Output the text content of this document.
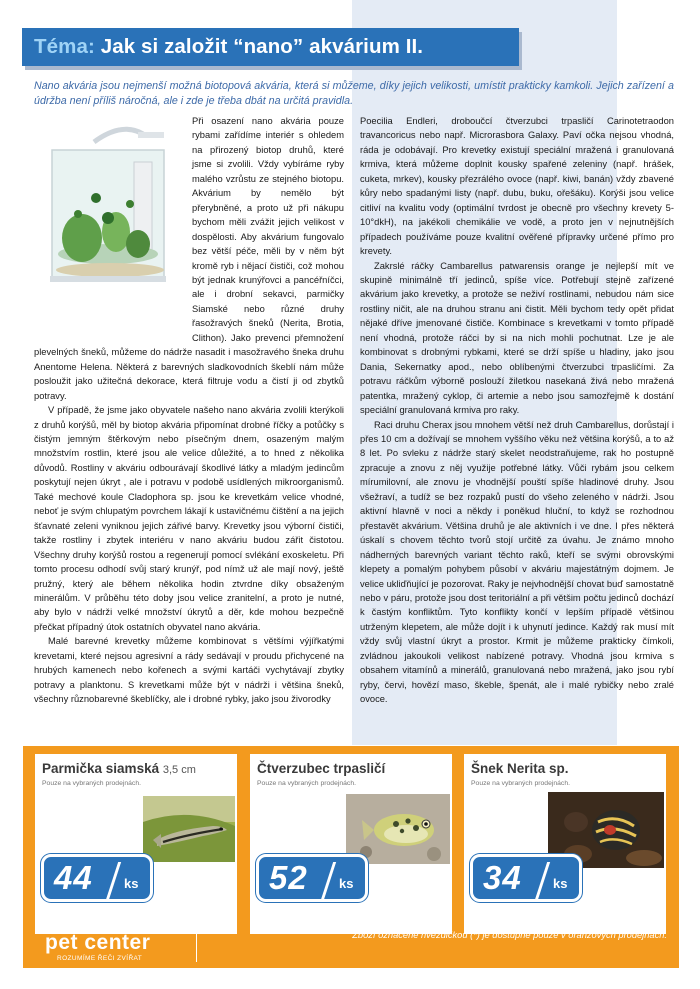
Téma: Jak si založit “nano” akvárium II.

Nano akvária jsou nejmenší možná biotopová akvária, která si můžeme, díky jejich velikosti, umístit prakticky kamkoli. Jejich zařízení a údržba není příliš náročná, ale i zde je třeba dbát na určitá pravidla.

Při osazení nano akvária pouze rybami zařídíme interiér s ohledem na přirozený biotop druhů, které jsme si zvolili. Vždy vybíráme ryby malého vzrůstu ze stejného biotopu. Akvárium by nemělo být přerybněné, a proto už při nákupu bychom měli zvážit jejich velikost v dospělosti. Aby akvárium fungovalo bez větší péče, měli by v něm být kromě ryb i nějací čističi, což mohou být jednak krunýřovci a pancéřníčci, ale i drobní sekavci, parmičky Siamské nebo různé druhy řasožravých šneků (Nerita, Brotia, Clithon). Jako prevenci přemnožení plevelných šneků, můžeme do nádrže nasadit i masožravého šneka druhu Anentome Helena. Některá z barevných sladkovodních škeblí nám může posloužit jako užitečná dekorace, která filtruje vodu a čistí ji od zbytků potravy.

V případě, že jsme jako obyvatele našeho nano akvária zvolili kterýkoli z druhů korýšů, měl by biotop akvária připomínat drobné říčky a potůčky s čistým jemným štěrkovým nebo písečným dnem, osazeným malým množstvím rostlin, které jsou ale velice důležité, a to hned z několika důvodů. Rostliny v akváriu odbourávají škodlivé látky a mladým jedincům poskytují nejen úkryt , ale i potravu v podobě usídlených mikroorganismů. Také mechové koule Cladophora sp. jsou ke krevetkám velice vhodné, neboť je svým chlupatým povrchem lákají k ustavičnému čištění a na jejich šťavnaté zeleni vyniknou jejich zářivé barvy. Krevetky jsou výborní čističi, takže rostliny i zbytek interiéru v nano akváriu budou zářit čistotou. Všechny druhy korýšů rostou a regenerují pomocí svlékání exoskeletu. Při tomto procesu odhodí svůj starý krunýř, pod nímž už ale mají nový, ještě pružný, který ale během několika hodin ztvrdne díky obsaženým minerálům. V průběhu této doby jsou velice zranitelní, a proto je nutné, aby bylo v nádrži velké množství úkrytů a děr, kde mohou bezpečně přečkat případný útok ostatních obyvatel nano akvária.

Malé barevné krevetky můžeme kombinovat s většími výjířkatými krevetami, které nejsou agresivní a rády sedávají v proudu přichycené na hrubých kamenech nebo kořenech a svými kartáči vychytávají zbytky potravy a planktonu. S krevetkami může být v nádrži i většina šneků, všechny různobarevné škeblíčky, ale i drobné rybky, jako jsou živorodky

Poecilia Endleri, droboučcí čtverzubci trpasličí Carinotetraodon travancoricus nebo např. Microrasbora Galaxy. Paví očka nejsou vhodná, ráda je odobávají. Pro krevetky existují speciální mražená i granulovaná krmiva, která můžeme doplnit kousky spařené zeleniny (např. hrášek, cuketa, mrkev), kousky přezrálého ovoce (např. kiwi, banán) vždy zbavené kůry nebo spadanými listy (např. dubu, buku, ořešáku). Korýši jsou velice citliví na kvalitu vody (optimální tvrdost je obecně pro všechny krevety 5-10°dkH), na jakékoli chemikálie ve vodě, a proto jen v nejnutnějších případech používáme pouze kvalitní ověřené přípravky určené přímo pro krevety.

Zakrslé ráčky Cambarellus patwarensis orange je nejlepší mít ve skupině minimálně tří jedinců, spíše více. Potřebují stejně zařízené akvárium jako krevetky, a protože se neživí rostlinami, nebudou nám sice rostliny ničit, ale na druhou stranu ani čistit. Měli bychom tedy opět přidat nějaké dříve jmenované čističe. Kombinace s krevetkami v tomto případě není vhodná, protože ráčci by si na nich mohli pochutnat. Lze je ale kombinovat s drobnými rybkami, které se drží spíše u hladiny, jako jsou Dania, Sekernatky apod., nebo oblíbenými čtverzubci trpasličími. Za potravu ráčkům výborně poslouží žiletkou nasekaná živá nebo mražená patentka, mražený cyklop, či artemie a nebo jsou samozřejmě k dostání speciální granulovaná krmiva pro raky.

Raci druhu Cherax jsou mnohem větší než druh Cambarellus, dorůstají i přes 10 cm a dožívají se mnohem vyššího věku než většina korýšů, a to až 8 let. Po svleku z nádrže starý skelet neodstraňujeme, rak ho postupně zpracuje a znovu z něj využije potřebné látky. Vůči rybám jsou celkem mírumilovní, ale znovu je vhodnější pouští spíše hladinové druhy. Jsou všežraví, a tudíž se bez rozpaků pustí do všeho zeleného v nádrži. Jsou aktivní hlavně v noci a někdy i poněkud hluční, to když se rozhodnou přestavět akvárium. Většina druhů je ale aktivních i ve dne. I přes některá úskalí s chovem těchto tvorů stojí určitě za úvahu. Je známo mnoho nádherných barevných variant těchto raků, kteří se svými obrovskými klepety a pomalým pohybem působí v akváriu majestátným dojmem. Je velice ukliďňující je pozorovat. Raky je nejvhodnější chovat buď samostatně nebo v páru, protože jsou dost teritoriální a při většim počtu jedinců dochází k častým konfliktům. Tyto konflikty končí v lepším případě většinou utrženým klepetem, ale může dojít i k uhynutí jedince. Každý rak musí mít vždy svůj vlastní úkryt a prostor. Krmit je můžeme prakticky čímkoli, zvládnou jakoukoli velikost nabízené potravy. Vhodná jsou krmiva s obsahem vitamínů a minerálů, granulovaná nebo mražená, jako jsou rybí ryby, červi, hovězí maso, škeble, špenát, ale i malé rybičky nebo zralé ovoce.

Parmička siamská 3,5 cm
Pouze na vybraných prodejnách.
44 ks
Čtverzubec trpasličí
Pouze na vybraných prodejnách.
52 ks
Šnek Nerita sp.
Pouze na vybraných prodejnách.
34 ks
pet center
ROZUMÍME ŘEČI ZVÍŘAT
Zboží označené hvězdičkou (*) je dostupné pouze v oranžových prodejnách.
